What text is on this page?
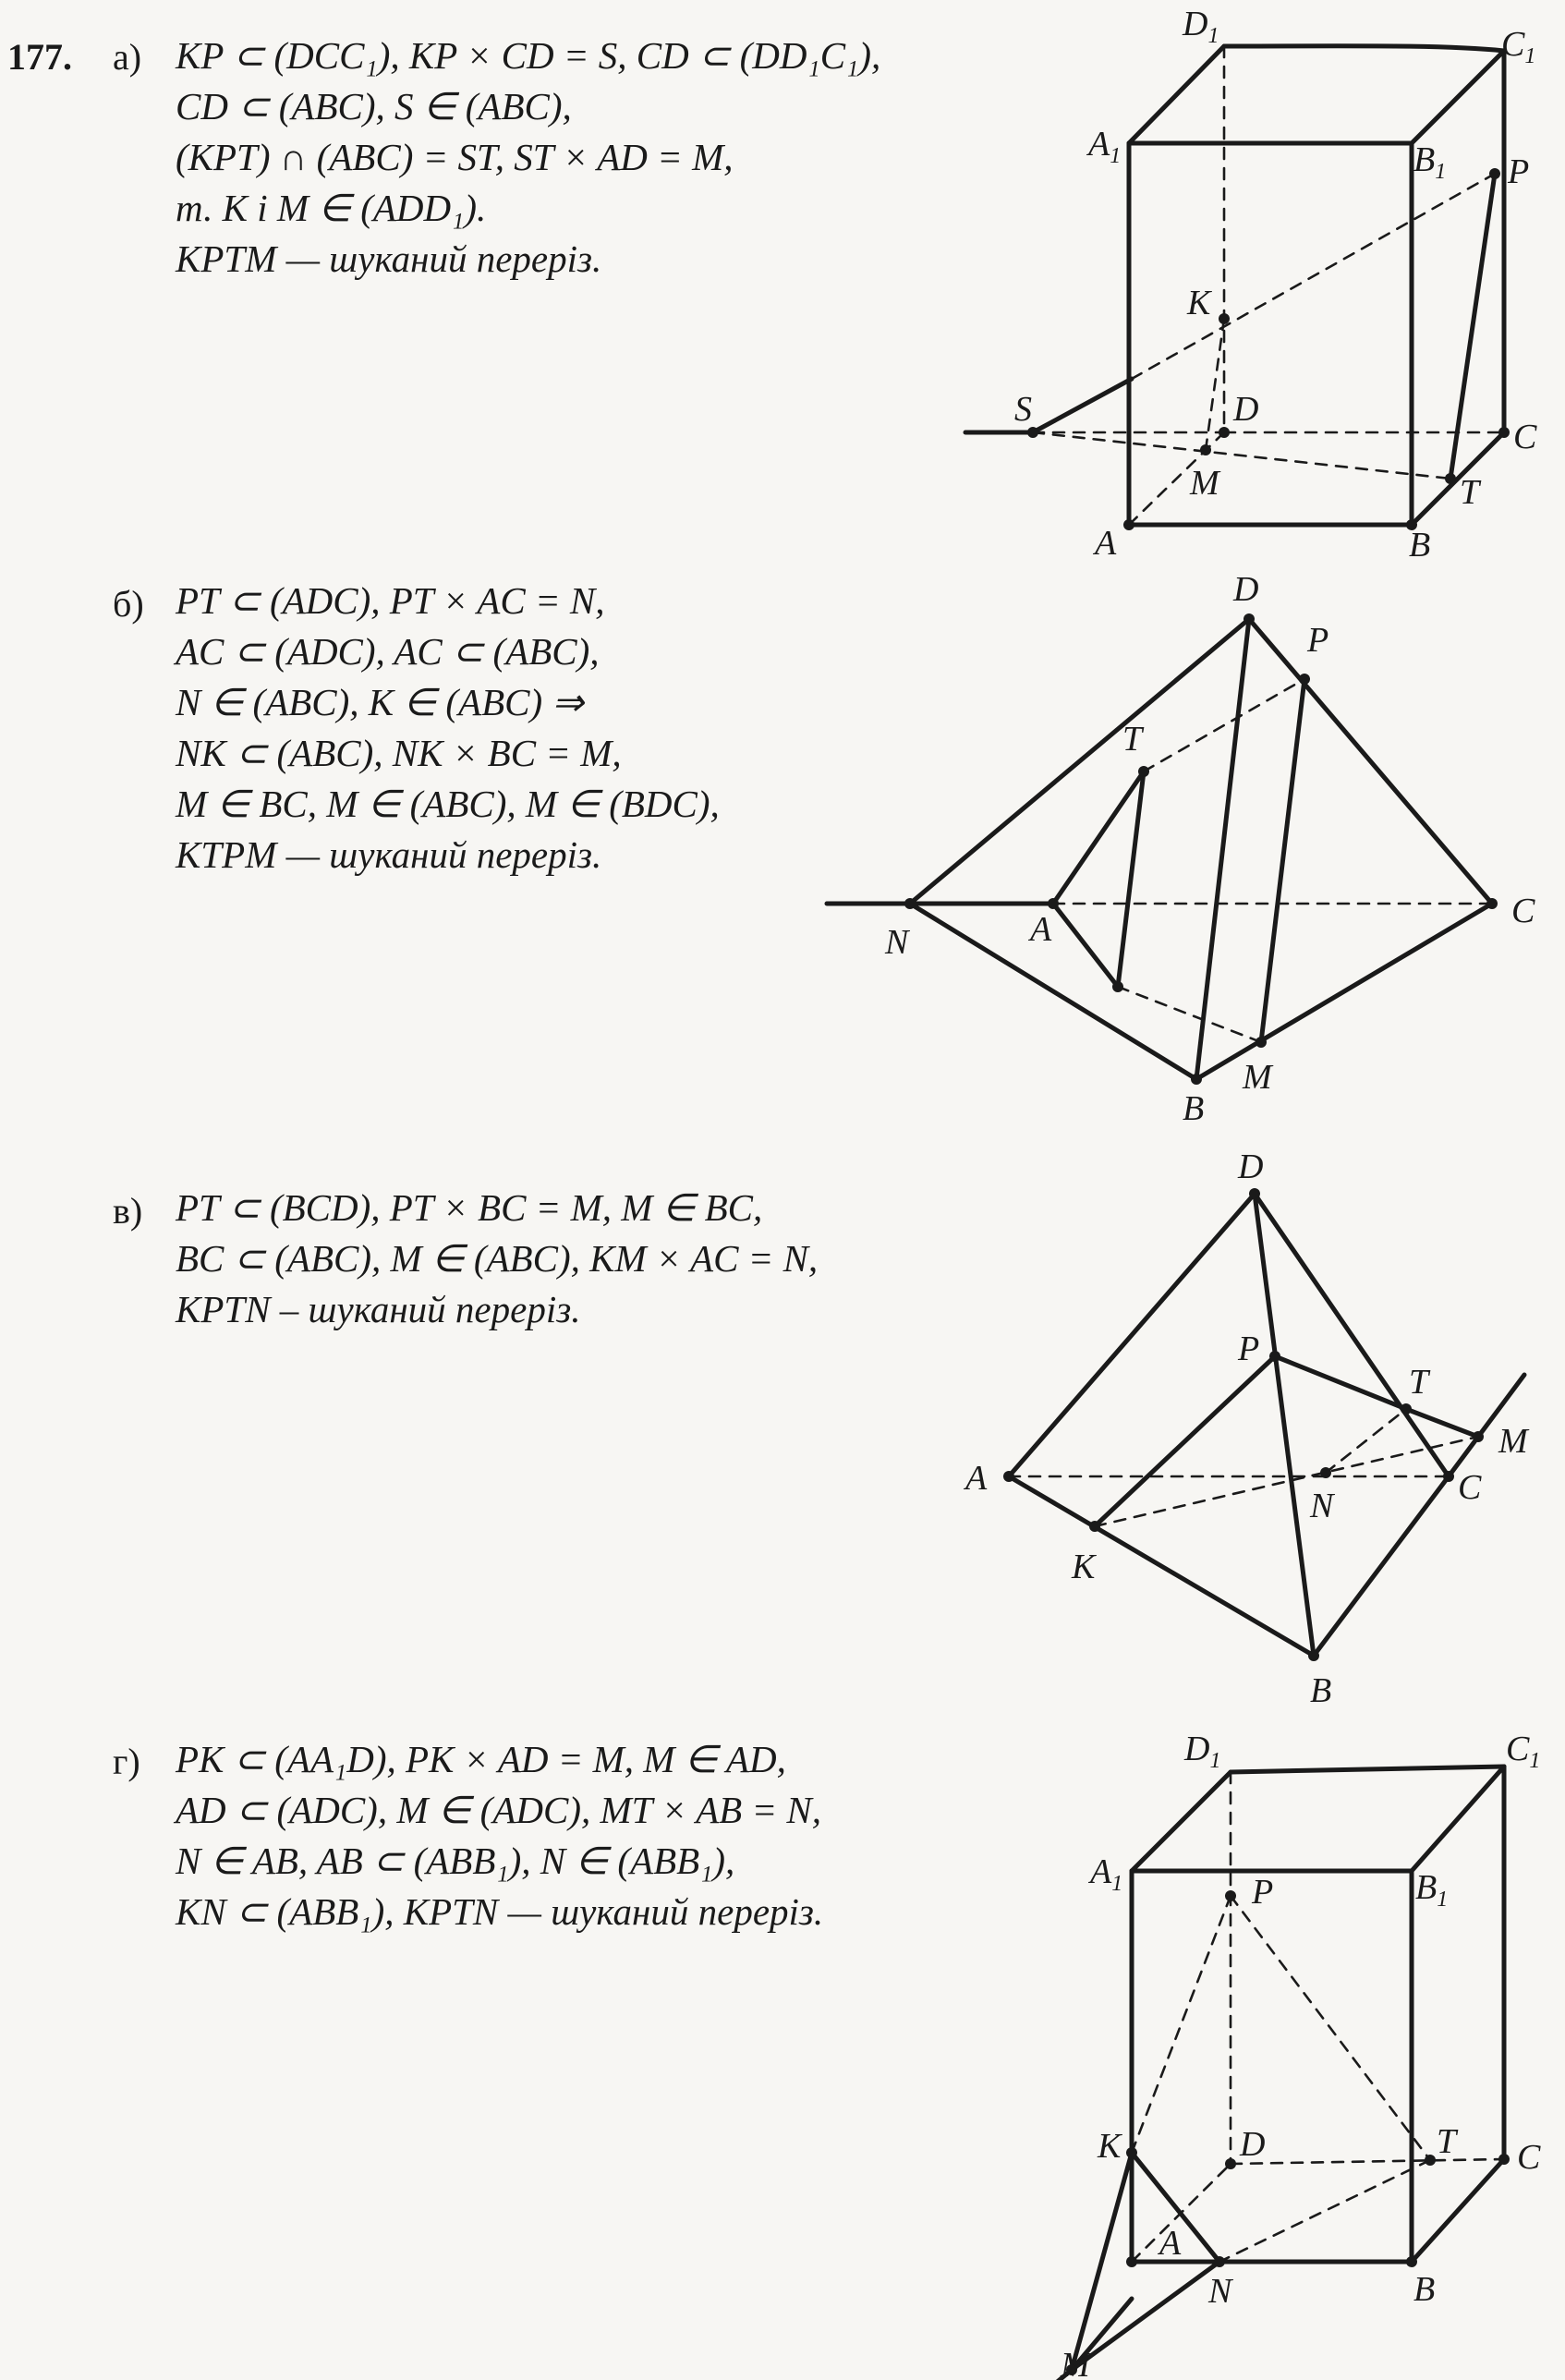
177. а) KP ⊂ (DCC₁), KP × CD = S, CD ⊂ (DD₁C₁),
CD ⊂ (ABC), S ∈ (ABC),
(KPT) ∩ (ABC) = ST, ST × AD = M,
т. K і M ∈ (ADD₁).
KPTM — шуканий переріз.
$D_1$	$C_1$
$A_1$	$B_1$ P
K
S	D
C
M	T
A	B
б) PT ⊂ (ADC), PT × AC = N,
AC ⊂ (ADC), AC ⊂ (ABC),
N ∈ (ABC), K ∈ (ABC) ⇒
NK ⊂ (ABC), NK × BC = M,
M ∈ BC, M ∈ (ABC), M ∈ (BDC),
KTPM — шуканий переріз.
D
P
T
N	A	C
M
B
в) PT ⊂ (BCD), PT × BC = M, M ∈ BC,
BC ⊂ (ABC), M ∈ (ABC), KM × AC = N,
KPTN – шуканий переріз.
D
P
T
M
A
N	C
K
B
г) PK ⊂ (AA₁D), PK × AD = M, M ∈ AD,
AD ⊂ (ADC), M ∈ (ADC), MT × AB = N,
N ∈ AB, AB ⊂ (ABB₁), N ∈ (ABB₁),
KN ⊂ (ABB₁), KPTN — шуканий переріз.
$D_1$	$C_1$
$A_1$	P	$B_1$
K	D	T C
A
N	B
M
